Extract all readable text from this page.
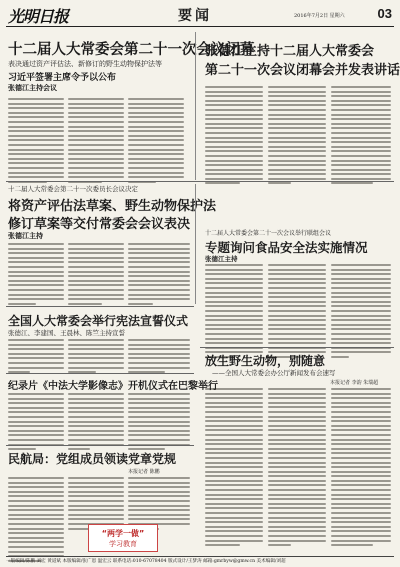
光明日报	要闻	2016年7月2日 星期六	03
十二届人大常委会第二十一次会议闭幕
表决通过资产评估法、新修订的野生动物保护法等
习近平签署主席令予以公布
张德江主持会议
张德江主持十二届人大常委会
第二十一次会议闭幕会并发表讲话
十二届人大常委会第二十一次委员长会议决定
将资产评估法草案、野生动物保护法
修订草案等交付常委会会议表决
张德江主持	十二届人大常委会第二十一次会议举行联组会议
专题询问食品安全法实施情况
张德江主持
全国人大常委会举行宪法宣誓仪式
张德江、李建国、王晨林、陈竺主持宣誓
放生野生动物，别随意
——全国人大常委会办公厅新闻发布会速写
本报记者 李韵 朱瑞超
纪录片《中法大学影像志》开机仪式在巴黎举行
民航局：党组成员领读党章党规
本报记者 陈鹏
“两学一做”
学习教育
一版编辑/陈鹏 刘宏 黄道斌 本版编辑/张广恩 温宏云 联系电话:010-67078404 版式设计/王梦涛 邮箱:gmrbyw@gmw.cn 美术编辑/刘超
